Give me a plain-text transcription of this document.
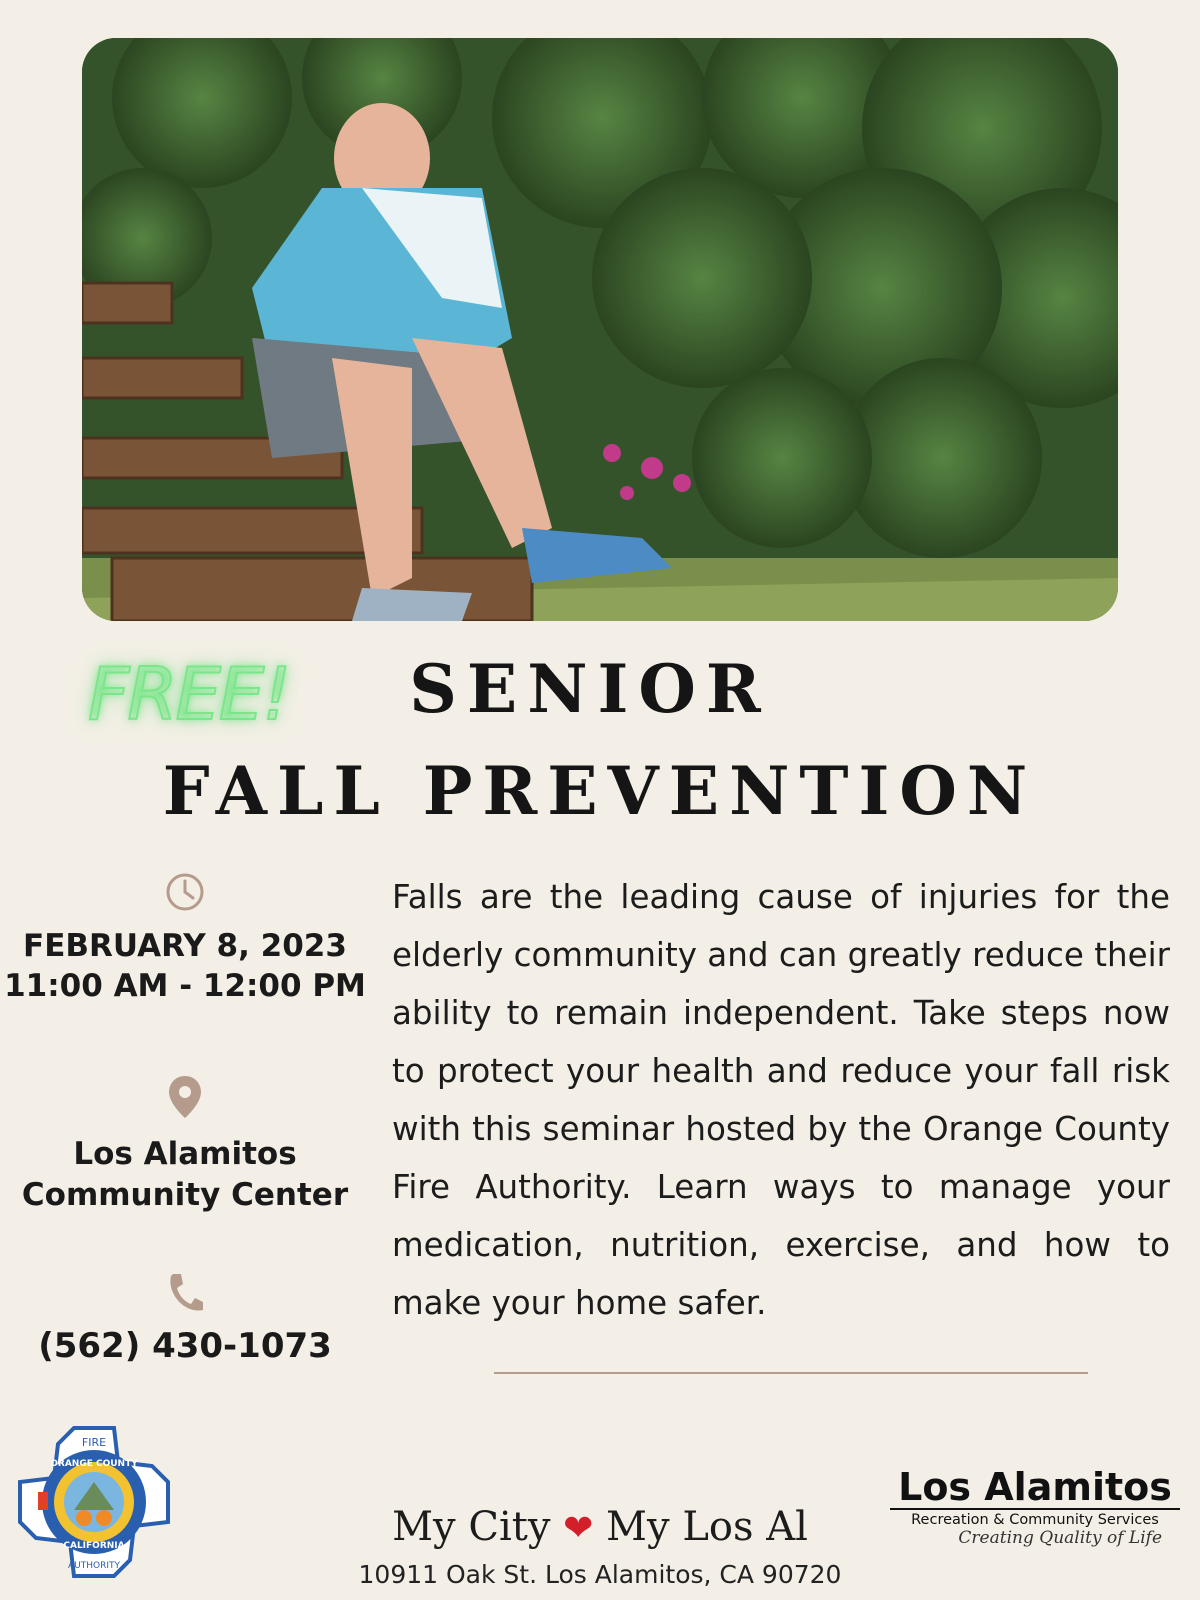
FREE!	SENIOR
FALL PREVENTION
FEBRUARY 8, 2023
11:00 AM - 12:00 PM
Los Alamitos
Community Center
(562) 430-1073
Falls are the leading cause of injuries for the elderly community and can greatly reduce their ability to remain independent. Take steps now to protect your health and reduce your fall risk with this seminar hosted by the Orange County Fire Authority. Learn ways to manage your medication, nutrition, exercise, and how to make your home safer.
FIRE
ORANGE COUNTY
CALIFORNIA
AUTHORITY
My City ❤ My Los Al
10911 Oak St. Los Alamitos, CA 90720
Los Alamitos
Recreation & Community Services
Creating Quality of Life
